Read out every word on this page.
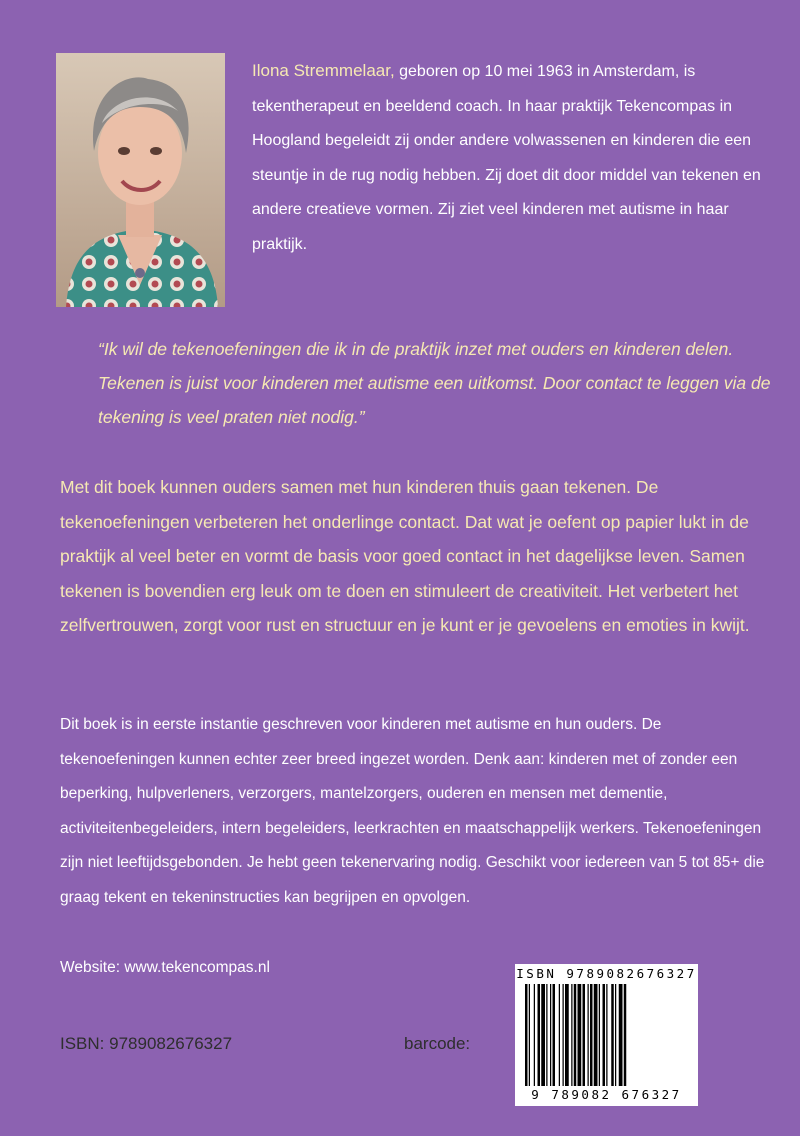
Ilona Stremmelaar, geboren op 10 mei 1963 in Amsterdam, is tekentherapeut en beeldend coach. In haar praktijk Tekencompas in Hoogland begeleidt zij onder andere volwassenen en kinderen die een steuntje in de rug nodig hebben. Zij doet dit door middel van tekenen en andere creatieve vormen. Zij ziet veel kinderen met autisme in haar praktijk.

“Ik wil de tekenoefeningen die ik in de praktijk inzet met ouders en kinderen delen. Tekenen is juist voor kinderen met autisme een uitkomst. Door contact te leggen via de tekening is veel praten niet nodig.”

Met dit boek kunnen ouders samen met hun kinderen thuis gaan tekenen. De tekenoefeningen verbeteren het onderlinge contact. Dat wat je oefent op papier lukt in de praktijk al veel beter en vormt de basis voor goed contact in het dagelijkse leven. Samen tekenen is bovendien erg leuk om te doen en stimuleert de creativiteit. Het verbetert het zelfvertrouwen, zorgt voor rust en structuur en je kunt er je gevoelens en emoties in kwijt.

Dit boek is in eerste instantie geschreven voor kinderen met autisme en hun ouders. De tekenoefeningen kunnen echter zeer breed ingezet worden. Denk aan: kinderen met of zonder een beperking, hulpverleners, verzorgers, mantelzorgers, ouderen en mensen met dementie, activiteitenbegeleiders, intern begeleiders, leerkrachten en maatschappelijk werkers. Tekenoefeningen zijn niet leeftijdsgebonden. Je hebt geen tekenervaring nodig. Geschikt voor iedereen van 5 tot 85+ die graag tekent en tekeninstructies kan begrijpen en opvolgen.

Website: www.tekencompas.nl
ISBN: 9789082676327	barcode:
ISBN 9789082676327
9 789082 676327
